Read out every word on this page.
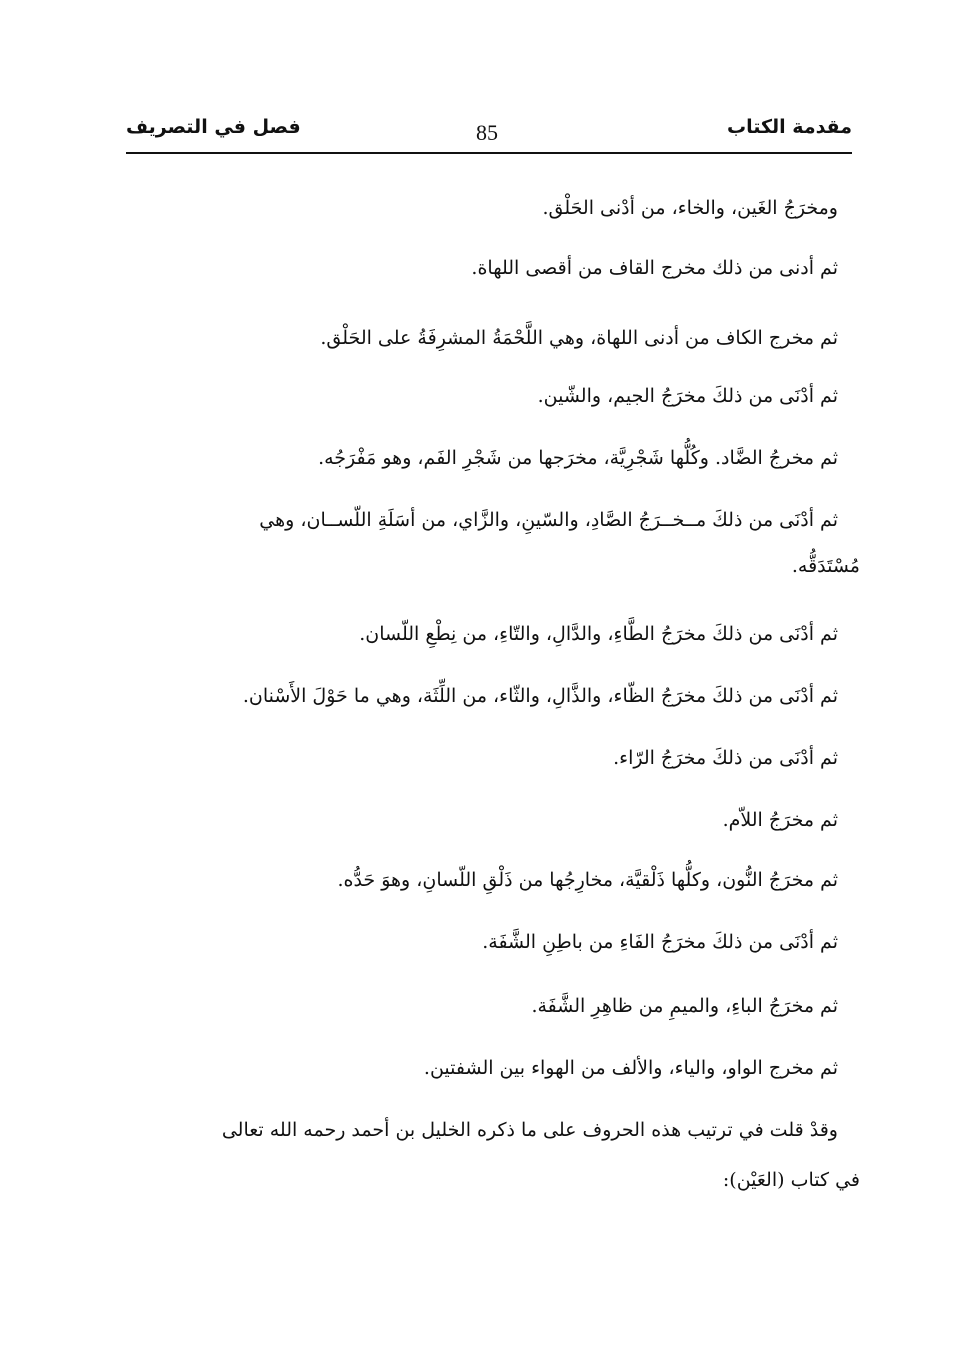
مقدمة الكتاب
85
فصل في التصريف
ومخرَجُ الغَين، والخاء، من أدْنى الحَلْق.
ثم أدنى من ذلك مخرج القاف من أقصى اللهاة.
ثم مخرج الكاف من أدنى اللهاة، وهي اللَّحْمَةُ المشرِفَةُ على الحَلْق.
ثم أدْنَى من ذلكَ مخرَجُ الجيم، والشّين.
ثم مخرجُ الضَّاد. وكُلُّها شَجْرِيَّة، مخرَجها من شَجْرِ الفَم، وهو مَفْرَجُه.
ثم أدْنَى من ذلكَ مــخــرَجُ الصَّادِ، والسّينِ، والزَّاي، من أسَلَةِ اللّســان، وهي
مُسْتَدَقُّه.
ثم أدْنَى من ذلكَ مخرَجُ الطَّاءِ، والدَّالِ، والتّاءِ، من نِطْعِ اللّسان.
ثم أدْنَى من ذلكَ مخرَجُ الظّاء، والذَّالِ، والثّاء، من اللِّثَة، وهي ما حَوْلَ الأَسْنان.
ثم أدْنَى من ذلكَ مخرَجُ الرّاء.
ثم مخرَجُ اللاّم.
ثم مخرَجُ النُّون، وكلُّها ذَلْقيَّة، مخارِجُها من ذَلْقِ اللّسانِ، وهوَ حَدُّه.
ثم أدْنَى من ذلكَ مخرَجُ الفَاءِ من باطِنِ الشَّفَة.
ثم مخرَجُ الباءِ، والميمِ من ظاهِرِ الشَّفَة.
ثم مخرج الواو، والياء، والألف من الهواء بين الشفتين.
وقدْ قلت في ترتيب هذه الحروف على ما ذكره الخليل بن أحمد رحمه الله تعالى
في كتاب (العَيْن):
